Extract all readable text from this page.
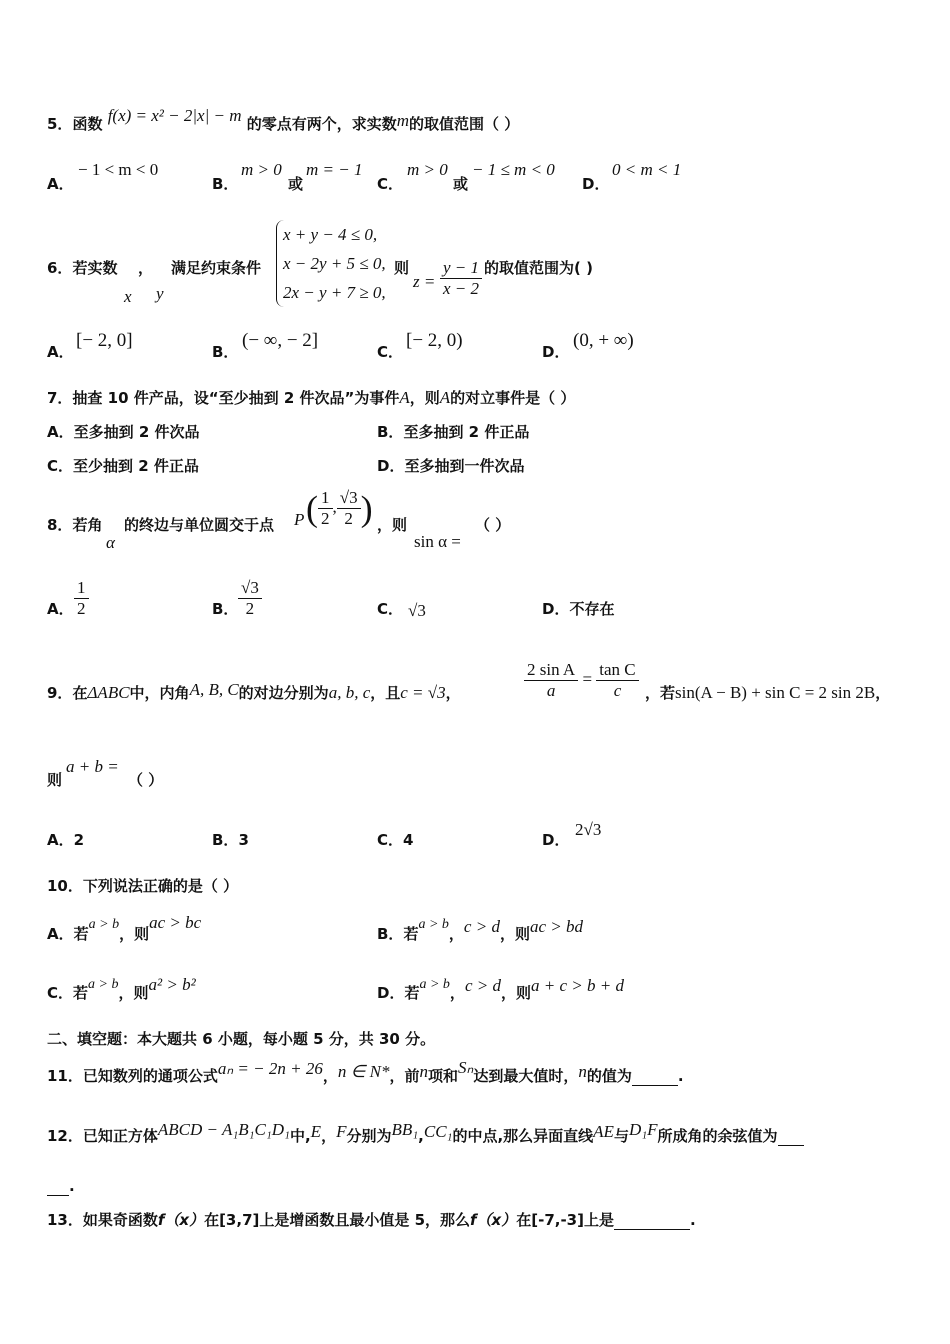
5．函数 f(x) = x² − 2|x| − m 的零点有两个，求实数m的取值范围（ ）
A．
− 1 < m < 0
B．
m > 0
或
m = − 1
C．
m > 0
或
− 1 ≤ m < 0
D．
0 < m < 1
6．若实数 ，
x y
满足约束条件
x + y − 4 ≤ 0,
x − 2y + 5 ≤ 0,
2x − y + 7 ≥ 0,
则
$z = \frac{y - 1}{x - 2}$ 的取值范围为( )
A．
[− 2, 0]
B．
(− ∞, − 2]
C．
[− 2, 0)
D．
(0, + ∞)
7．抽查 10 件产品，设“至少抽到 2 件次品”为事件A，则A的对立事件是（ ）
A．至多抽到 2 件次品	B．至多抽到 2 件正品
C．至少抽到 2 件正品	D．至多抽到一件次品
8．若角
α
的终边与单位圆交于点 P ( $\frac{1}{2}$ , $\frac{√3}{2}$ ) ，则
sin α =
（ ）
A． $\frac{1}{2}$	B． $\frac{√3}{2}$	C． √3	D．不存在
9．在ΔABC中，内角A, B, C的对边分别为a, b, c，且c = √3，	$\frac{\text{2 sin A}}{a} = \frac{\text{tan C}}{c}$ ，若sin(A − B) + sin C = 2 sin 2B，
则
a + b =
（ ）
A．2	B．3	C．4	D．
2√3
10．下列说法正确的是（ ）
A．若a > b，则ac > bc
B．若a > b，c > d，则ac > bd
C．若a > b，则a² > b²	D．若a > b，c > d，则a + c > b + d
二、填空题：本大题共 6 小题，每小题 5 分，共 30 分。
11．已知数列的通项公式aₙ = − 2n + 26，n ∈ N*，前n项和Sₙ达到最大值时，n的值为	.
12．已知正方体ABCD − A₁B₁C₁D₁中,E，F分别为BB₁,CC₁的中点,那么异面直线AE与D₁F所成角的余弦值为
.
13．如果奇函数f（x）在[3,7]上是增函数且最小值是 5，那么f（x）在[-7,-3]上是	.
